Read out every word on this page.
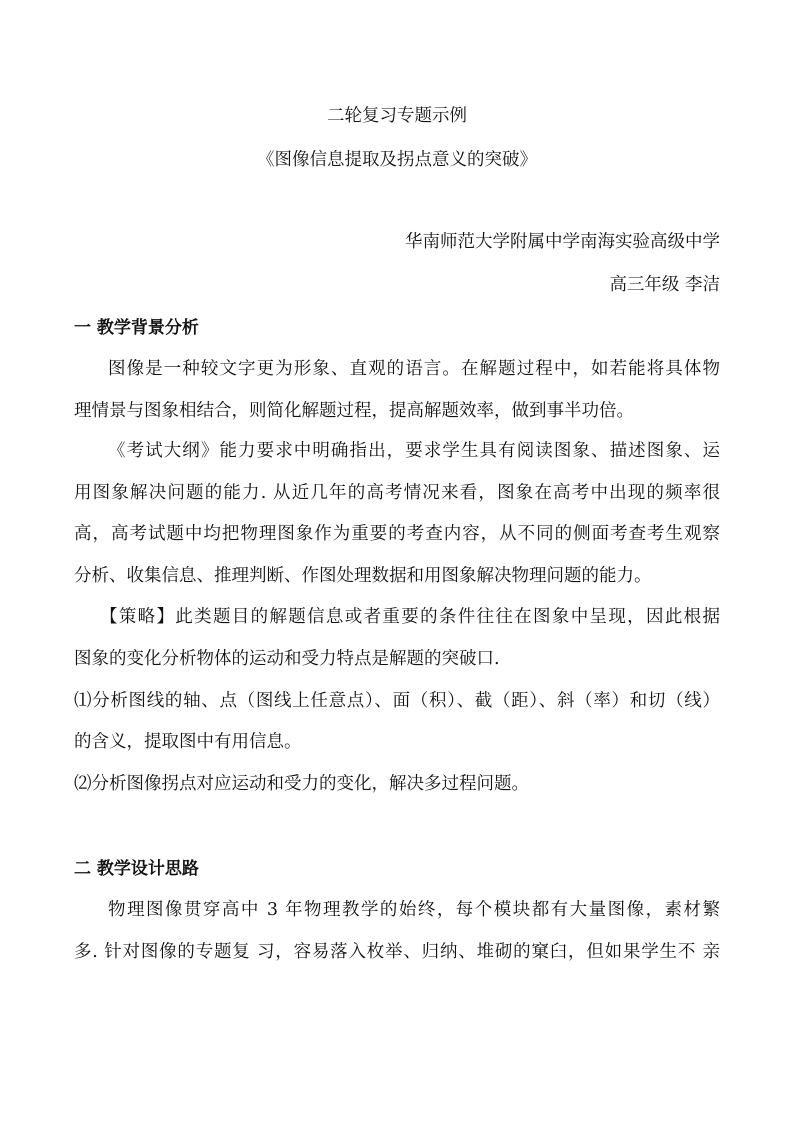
二轮复习专题示例
《图像信息提取及拐点意义的突破》
华南师范大学附属中学南海实验高级中学
高三年级 李洁
一 教学背景分析
图像是一种较文字更为形象、直观的语言。在解题过程中，如若能将具体物
理情景与图象相结合，则简化解题过程，提高解题效率，做到事半功倍。
《考试大纲》能力要求中明确指出，要求学生具有阅读图象、描述图象、运
用图象解决问题的能力. 从近几年的高考情况来看，图象在高考中出现的频率很
高，高考试题中均把物理图象作为重要的考查内容，从不同的侧面考查考生观察
分析、收集信息、推理判断、作图处理数据和用图象解决物理问题的能力。
【策略】此类题目的解题信息或者重要的条件往往在图象中呈现，因此根据
图象的变化分析物体的运动和受力特点是解题的突破口.
⑴分析图线的轴、点（图线上任意点）、面（积）、截（距）、斜（率）和切（线）
的含义，提取图中有用信息。
⑵分析图像拐点对应运动和受力的变化，解决多过程问题。
二 教学设计思路
物理图像贯穿高中 3 年物理教学的始终，每个模块都有大量图像，素材繁
多. 针对图像的专题复 习，容易落入枚举、归纳、堆砌的窠臼，但如果学生不 亲
